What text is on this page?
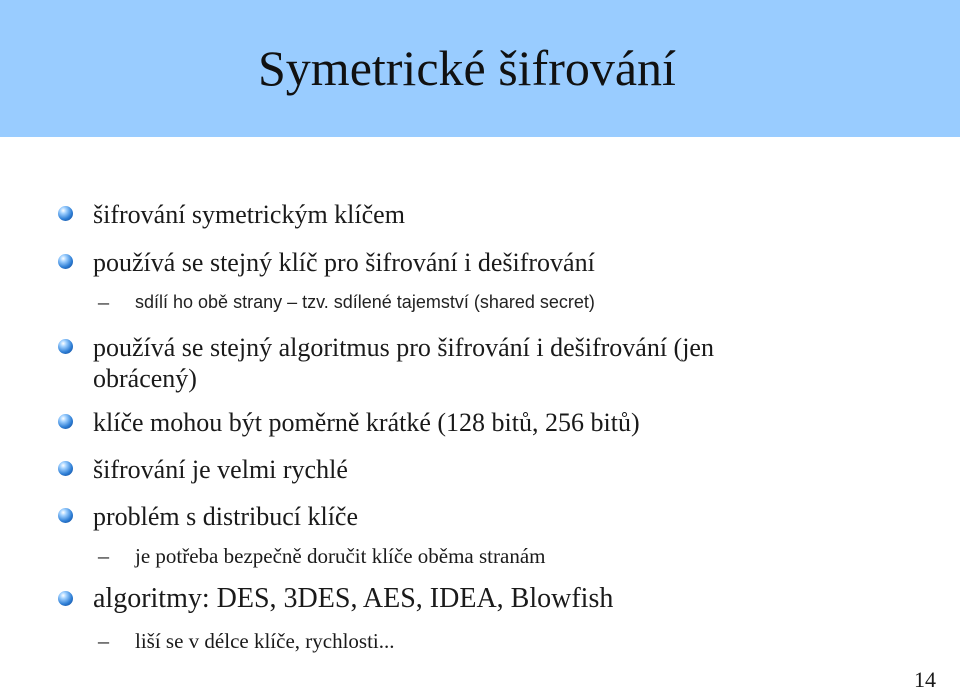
Symetrické šifrování
šifrování symetrickým klíčem
používá se stejný klíč pro šifrování i dešifrování
– sdílí ho obě strany – tzv. sdílené tajemství (shared secret)
používá se stejný algoritmus pro šifrování i dešifrování (jen
obrácený)
klíče mohou být poměrně krátké (128 bitů, 256 bitů)
šifrování je velmi rychlé
problém s distribucí klíče
– je potřeba bezpečně doručit klíče oběma stranám
algoritmy: DES, 3DES, AES, IDEA, Blowfish
– liší se v délce klíče, rychlosti...
14
